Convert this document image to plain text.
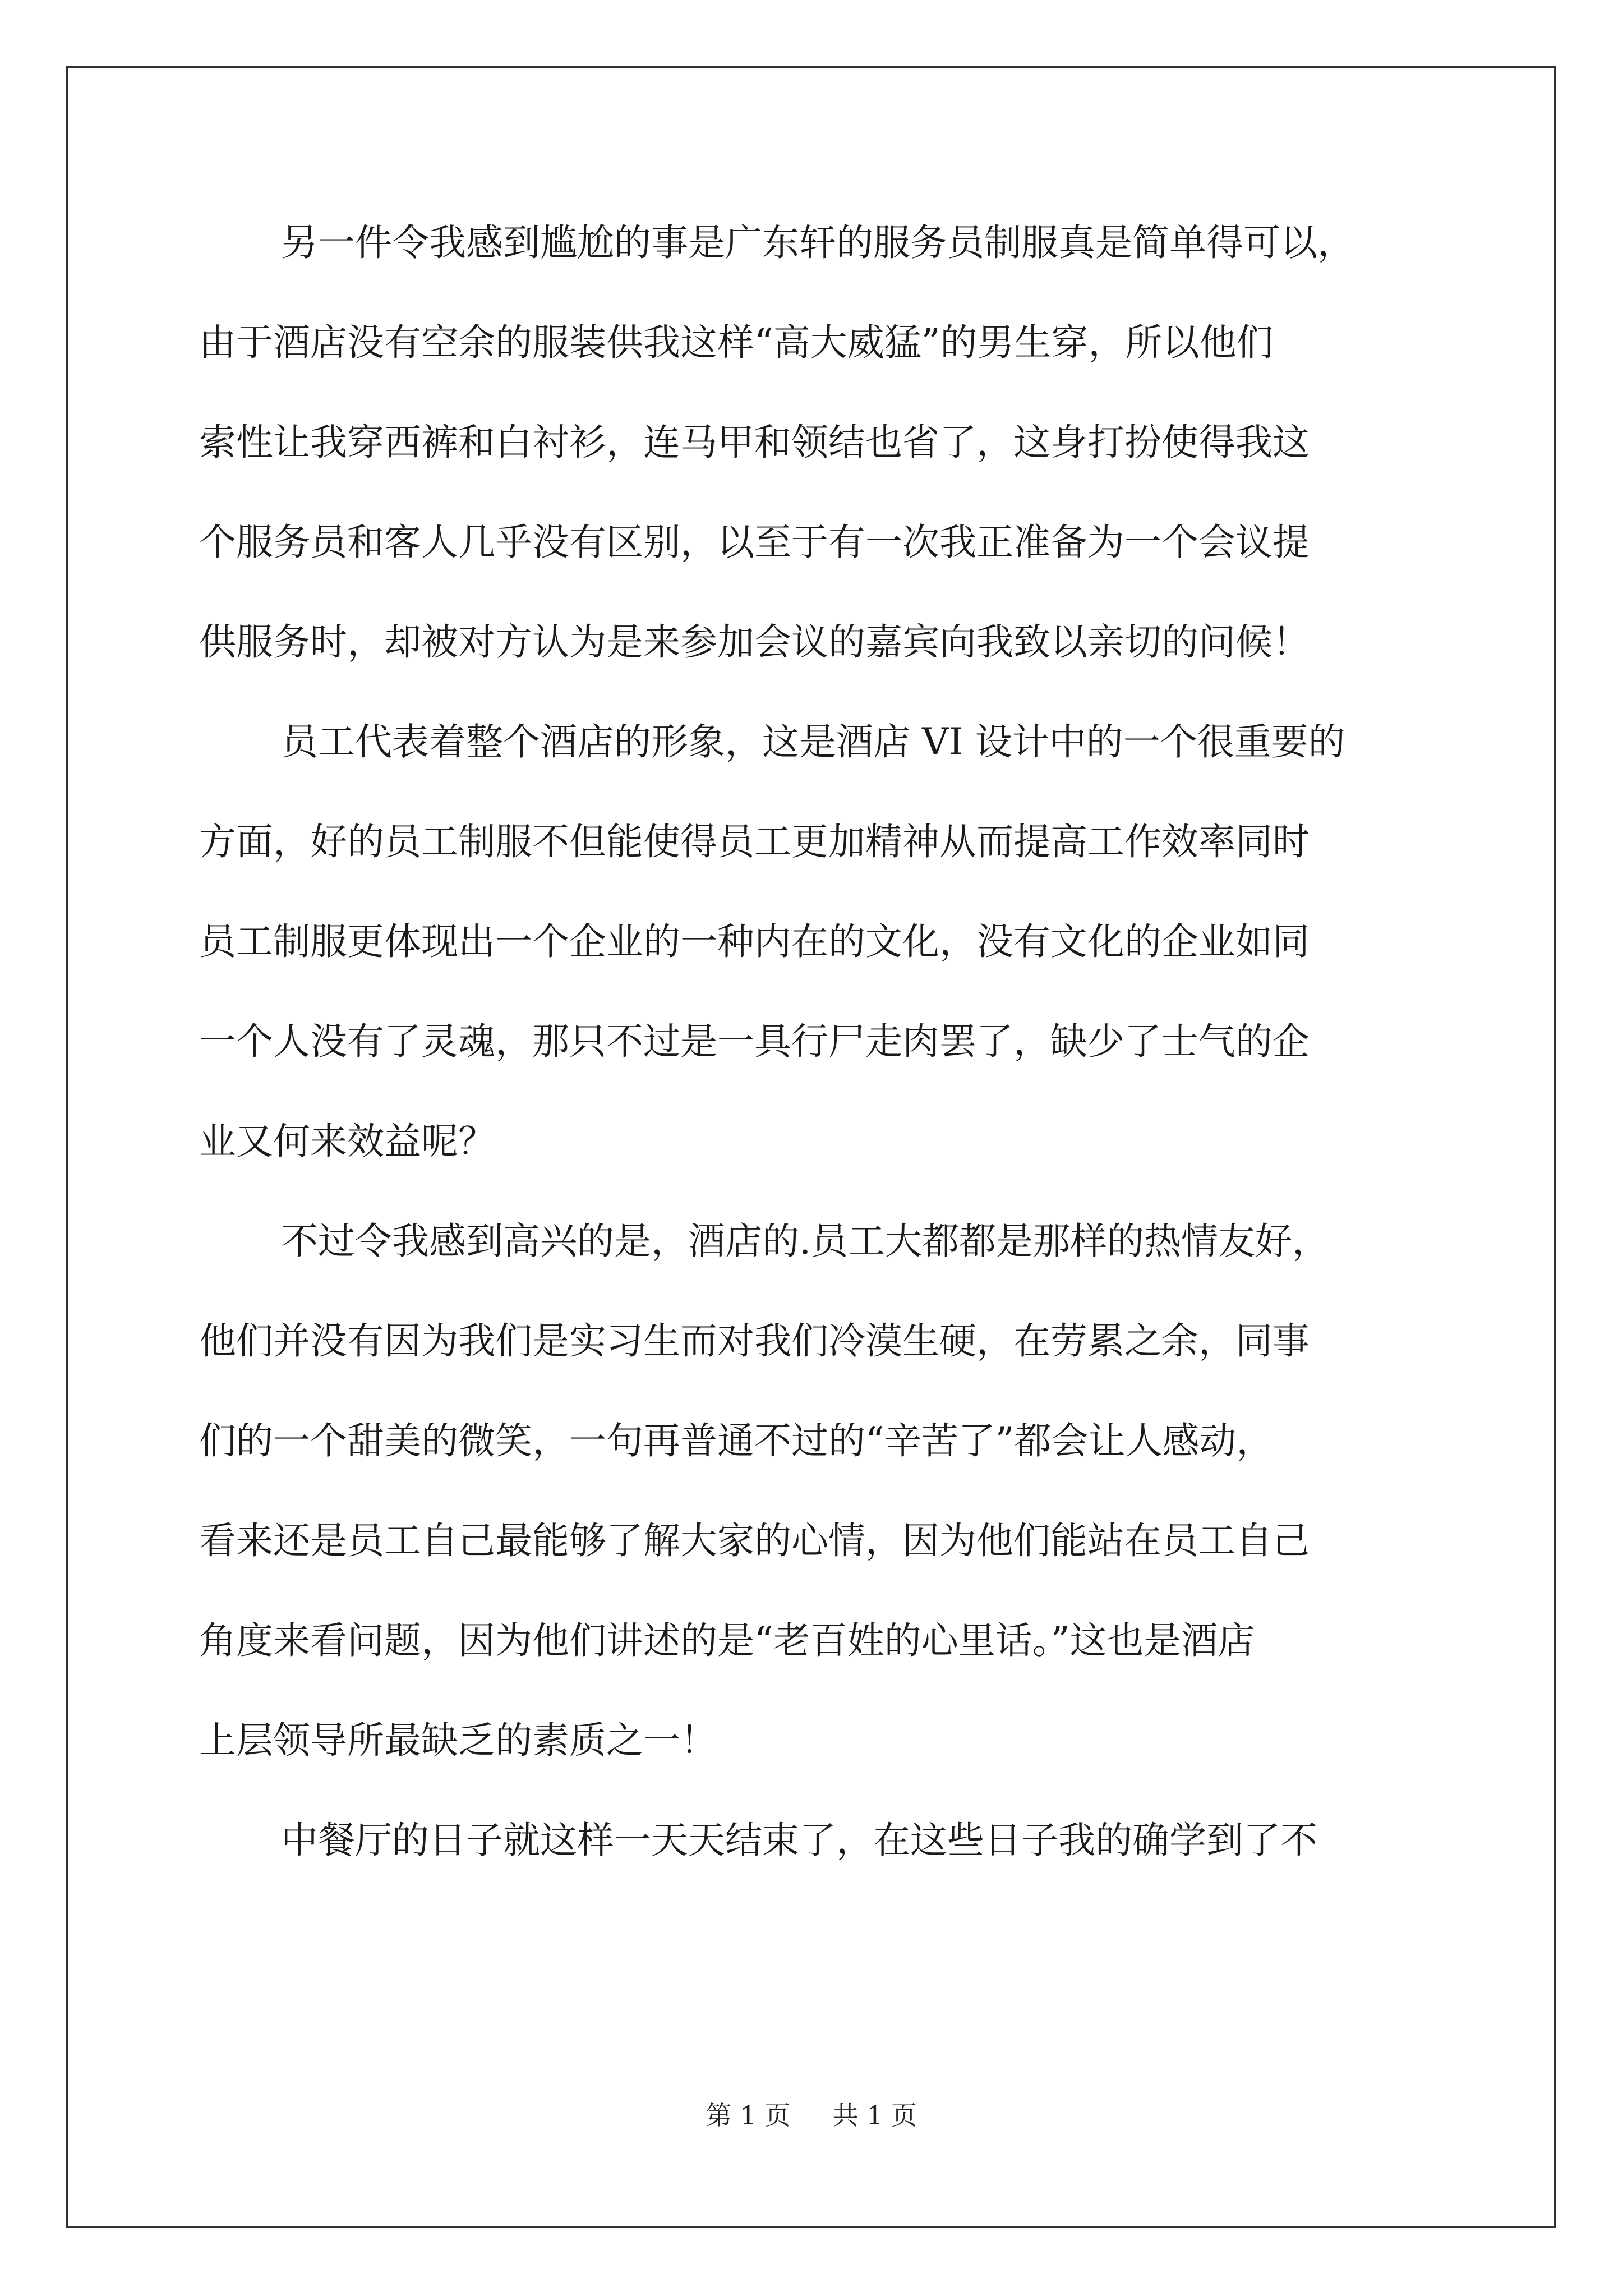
另一件令我感到尴尬的事是广东轩的服务员制服真是简单得可以，
由于酒店没有空余的服装供我这样“高大威猛”的男生穿，所以他们
索性让我穿西裤和白衬衫，连马甲和领结也省了，这身打扮使得我这
个服务员和客人几乎没有区别，以至于有一次我正准备为一个会议提
供服务时，却被对方认为是来参加会议的嘉宾向我致以亲切的问候！
员工代表着整个酒店的形象，这是酒店 VI 设计中的一个很重要的
方面，好的员工制服不但能使得员工更加精神从而提高工作效率同时
员工制服更体现出一个企业的一种内在的文化，没有文化的企业如同
一个人没有了灵魂，那只不过是一具行尸走肉罢了，缺少了士气的企
业又何来效益呢？
不过令我感到高兴的是，酒店的.员工大都都是那样的热情友好，
他们并没有因为我们是实习生而对我们冷漠生硬，在劳累之余，同事
们的一个甜美的微笑，一句再普通不过的“辛苦了”都会让人感动，
看来还是员工自己最能够了解大家的心情，因为他们能站在员工自己
角度来看问题，因为他们讲述的是“老百姓的心里话。”这也是酒店
上层领导所最缺乏的素质之一！
中餐厅的日子就这样一天天结束了，在这些日子我的确学到了不
第 1 页 共 1 页
